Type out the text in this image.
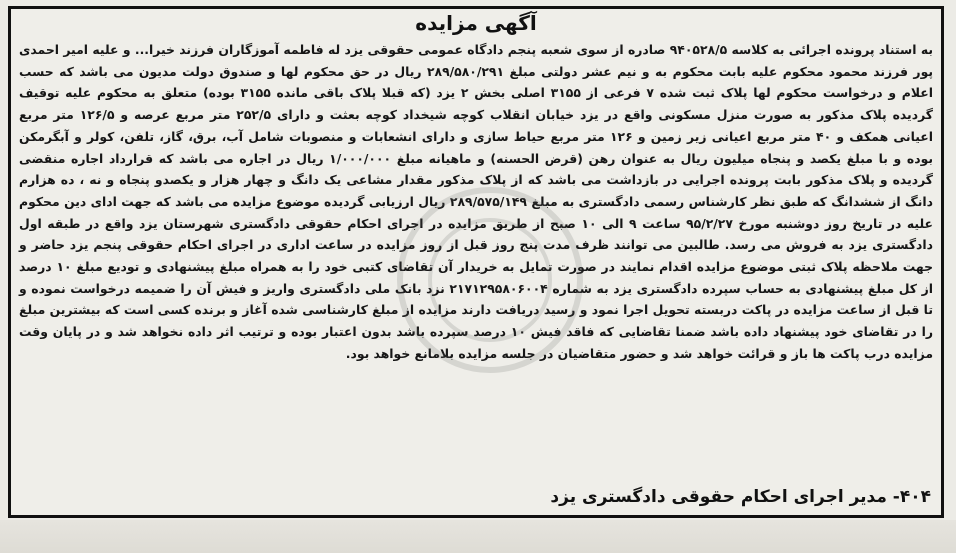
آگهی مزایده
به استناد پرونده اجرائی به کلاسه ۹۴۰۵۲۸/۵ صادره از سوی شعبه پنجم دادگاه عمومی حقوقی یزد له فاطمه آموزگاران فرزند خیرا... و علیه امیر احمدی پور فرزند محمود محکوم علیه بابت محکوم به و نیم عشر دولتی مبلغ ۲۸۹/۵۸۰/۲۹۱ ریال در حق محکوم لها و صندوق دولت مدیون می باشد که حسب اعلام و درخواست محکوم لها پلاک ثبت شده ۷ فرعی از ۳۱۵۵ اصلی بخش ۲ یزد (که قبلا پلاک باقی مانده ۳۱۵۵ بوده) متعلق به محکوم علیه توقیف گردیده پلاک مذکور به صورت منزل مسکونی واقع در یزد خیابان انقلاب کوچه شیخداد کوچه بعثت و دارای ۲۵۲/۵ متر مربع عرصه و ۱۲۶/۵ متر مربع اعیانی همکف و ۴۰ متر مربع اعیانی زیر زمین و ۱۲۶ متر مربع حیاط سازی و دارای انشعابات و منصوبات شامل آب، برق، گاز، تلفن، کولر و آبگرمکن بوده و با مبلغ یکصد و پنجاه میلیون ریال به عنوان رهن (قرض الحسنه) و ماهیانه مبلغ ۱/۰۰۰/۰۰۰ ریال در اجاره می باشد که قرارداد اجاره منقضی گردیده و پلاک مذکور بابت پرونده اجرایی در بازداشت می باشد که از پلاک مذکور مقدار مشاعی یک دانگ و چهار هزار و یکصدو پنجاه و نه ، ده هزارم دانگ از ششدانگ که طبق نظر کارشناس رسمی دادگستری به مبلغ ۲۸۹/۵۷۵/۱۴۹ ریال ارزیابی گردیده موضوع مزایده می باشد که جهت ادای دین محکوم علیه در تاریخ روز دوشنبه مورخ ۹۵/۲/۲۷ ساعت ۹ الی ۱۰ صبح از طریق مزایده در اجرای احکام حقوقی دادگستری شهرستان یزد واقع در طبقه اول دادگستری یزد به فروش می رسد. طالبین می توانند ظرف مدت پنج روز قبل از روز مزایده در ساعت اداری در اجرای احکام حقوقی پنجم یزد حاضر و جهت ملاحظه پلاک ثبتی موضوع مزایده اقدام نمایند در صورت تمایل به خریدار آن تقاضای کتبی خود را به همراه مبلغ پیشنهادی و تودیع مبلغ ۱۰ درصد از کل مبلغ پیشنهادی به حساب سپرده دادگستری یزد به شماره ۲۱۷۱۲۹۵۸۰۶۰۰۴ نزد بانک ملی دادگستری واریز و فیش آن را ضمیمه درخواست نموده و تا قبل از ساعت مزایده در پاکت دربسته تحویل اجرا نمود و رسید دریافت دارند مزایده از مبلغ کارشناسی شده آغاز و برنده کسی است که بیشترین مبلغ را در تقاضای خود پیشنهاد داده باشد ضمنا تقاضایی که فاقد فیش ۱۰ درصد سپرده باشد بدون اعتبار بوده و ترتیب اثر داده نخواهد شد و در پایان وقت مزایده درب پاکت ها باز و قرائت خواهد شد و حضور متقاضیان در جلسه مزایده بلامانع خواهد بود.
۴۰۴- مدیر اجرای احکام حقوقی دادگستری یزد
